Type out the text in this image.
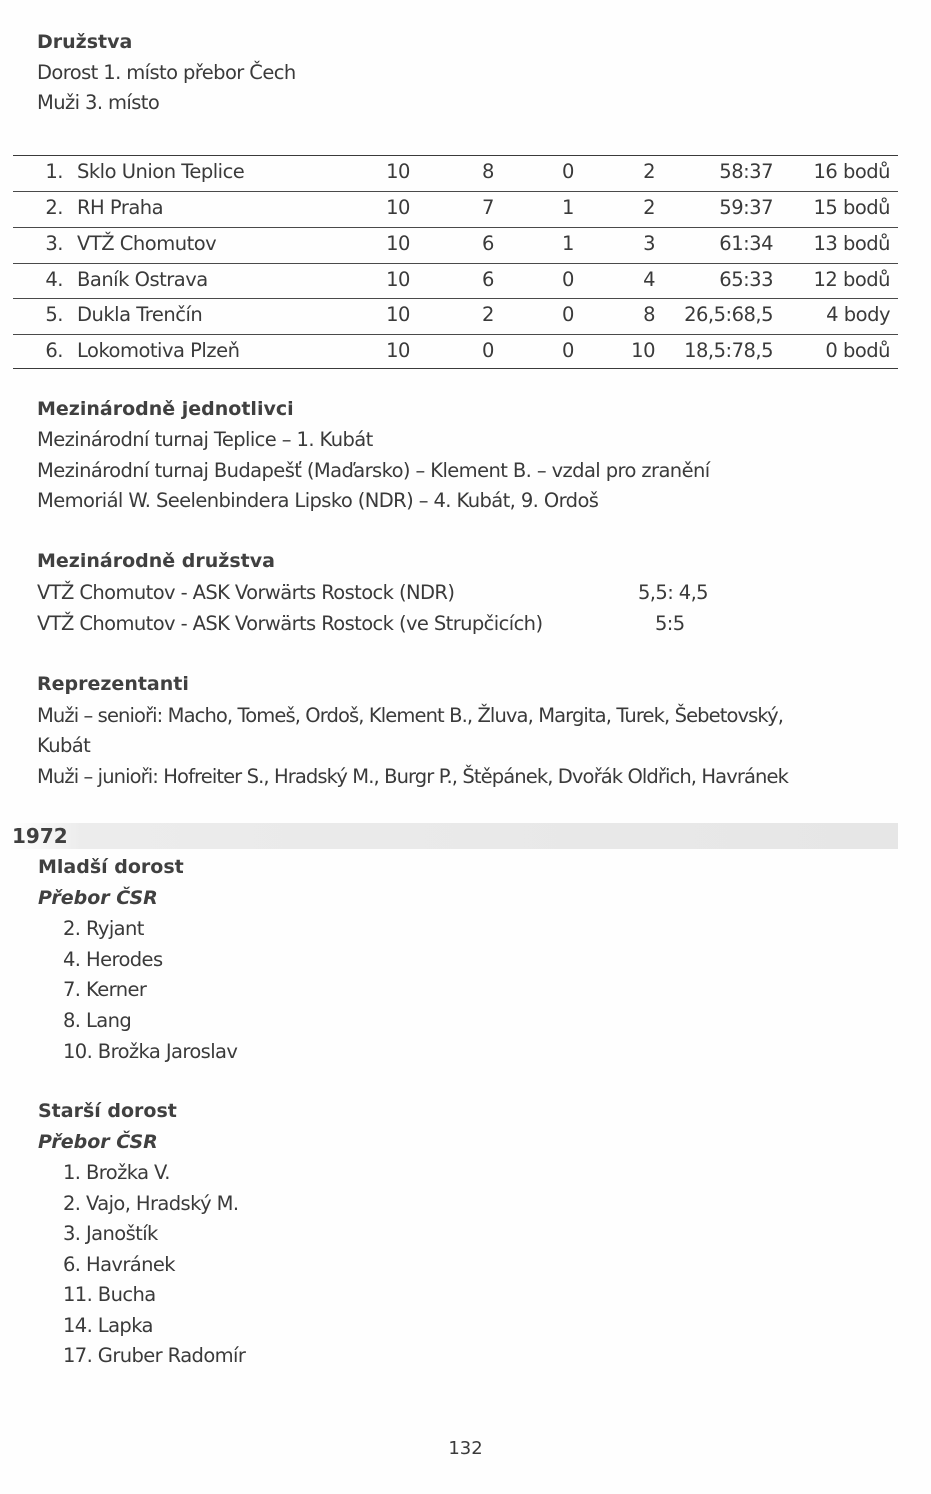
Družstva
Dorost 1. místo přebor Čech
Muži 3. místo
1. Sklo Union Teplice	10	8	0	2	58:37	16 bodů
2. RH Praha	10	7	1	2	59:37	15 bodů
3. VTŽ Chomutov	10	6	1	3	61:34	13 bodů
4. Baník Ostrava	10	6	0	4	65:33	12 bodů
5. Dukla Trenčín	10	2	0	8	26,5:68,5	4 body
6. Lokomotiva Plzeň	10	0	0	10	18,5:78,5	0 bodů
Mezinárodně jednotlivci
Mezinárodní turnaj Teplice – 1. Kubát
Mezinárodní turnaj Budapešť (Maďarsko) – Klement B. – vzdal pro zranění
Memoriál W. Seelenbindera Lipsko (NDR) – 4. Kubát, 9. Ordoš
Mezinárodně družstva
VTŽ Chomutov - ASK Vorwärts Rostock (NDR)	5,5: 4,5
VTŽ Chomutov - ASK Vorwärts Rostock (ve Strupčicích)	5:5
Reprezentanti
Muži – senioři: Macho, Tomeš, Ordoš, Klement B., Žluva, Margita, Turek, Šebetovský,
Kubát
Muži – junioři: Hofreiter S., Hradský M., Burgr P., Štěpánek, Dvořák Oldřich, Havránek
1972
Mladší dorost
Přebor ČSR
2. Ryjant
4. Herodes
7. Kerner
8. Lang
10. Brožka Jaroslav
Starší dorost
Přebor ČSR
1. Brožka V.
2. Vajo, Hradský M.
3. Janoštík
6. Havránek
11. Bucha
14. Lapka
17. Gruber Radomír
132
